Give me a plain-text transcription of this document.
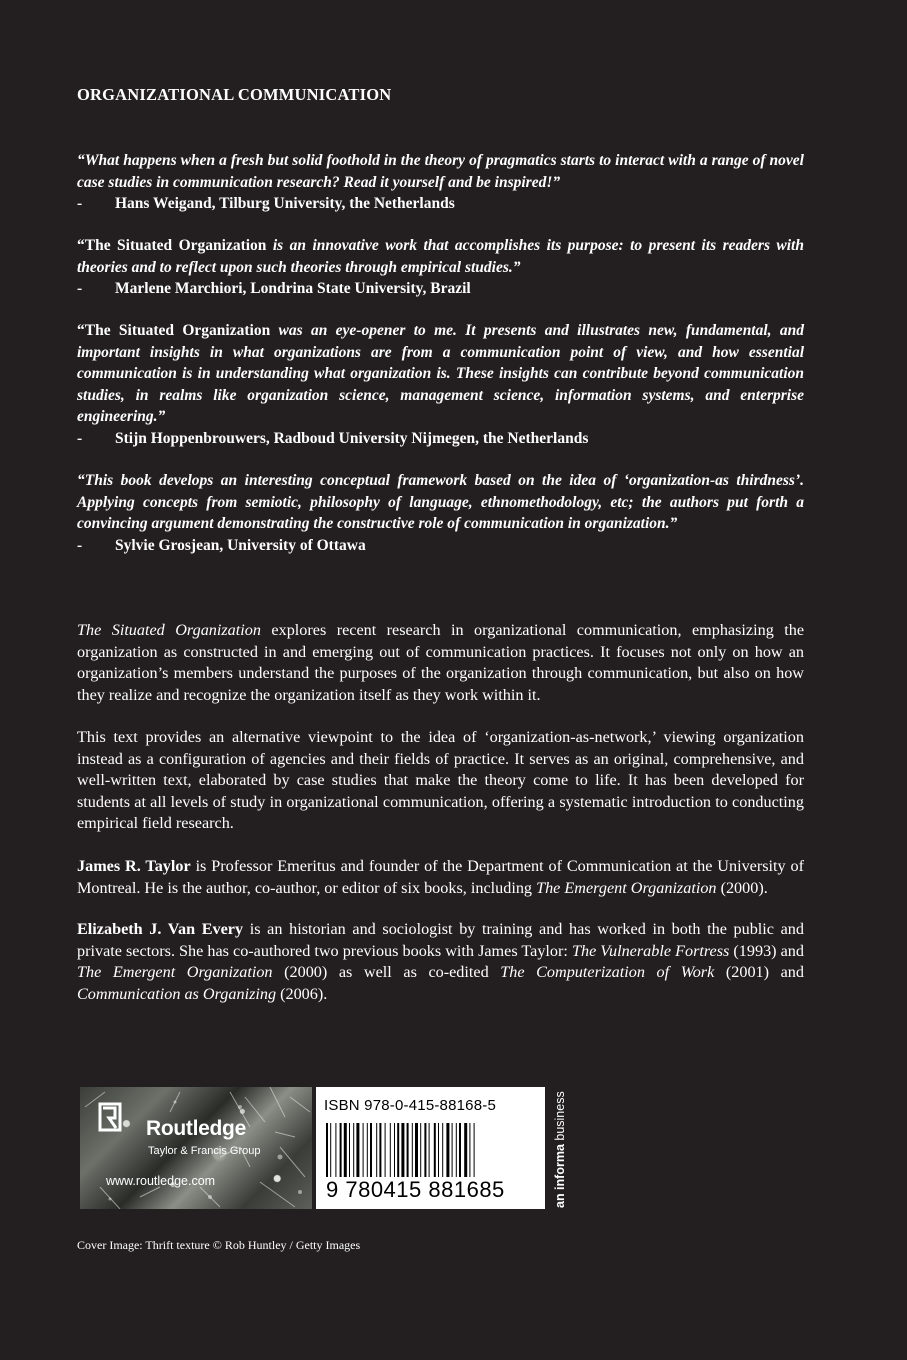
ORGANIZATIONAL COMMUNICATION
“What happens when a fresh but solid foothold in the theory of pragmatics starts to interact with a range of novel case studies in communication research? Read it yourself and be inspired!”
-	Hans Weigand, Tilburg University, the Netherlands
“The Situated Organization is an innovative work that accomplishes its purpose: to present its readers with theories and to reflect upon such theories through empirical studies.”
-	Marlene Marchiori, Londrina State University, Brazil
“The Situated Organization was an eye-opener to me. It presents and illustrates new, fundamental, and important insights in what organizations are from a communication point of view, and how essential communication is in understanding what organization is. These insights can contribute beyond communication studies, in realms like organization science, management science, information systems, and enterprise engineering.”
-	Stijn Hoppenbrouwers, Radboud University Nijmegen, the Netherlands
“This book develops an interesting conceptual framework based on the idea of ‘organization-as thirdness’. Applying concepts from semiotic, philosophy of language, ethnomethodology, etc; the authors put forth a convincing argument demonstrating the constructive role of communication in organization.”
-	Sylvie Grosjean, University of Ottawa

The Situated Organization explores recent research in organizational communication, emphasizing the organization as constructed in and emerging out of communication practices. It focuses not only on how an organization’s members understand the purposes of the organization through communication, but also on how they realize and recognize the organization itself as they work within it.

This text provides an alternative viewpoint to the idea of ‘organization-as-network,’ viewing organization instead as a configuration of agencies and their fields of practice. It serves as an original, comprehensive, and well-written text, elaborated by case studies that make the theory come to life. It has been developed for students at all levels of study in organizational communication, offering a systematic introduction to conducting empirical field research.

James R. Taylor is Professor Emeritus and founder of the Department of Communication at the University of Montreal. He is the author, co-author, or editor of six books, including The Emergent Organization (2000).

Elizabeth J. Van Every is an historian and sociologist by training and has worked in both the public and private sectors. She has co-authored two previous books with James Taylor: The Vulnerable Fortress (1993) and The Emergent Organization (2000) as well as co-edited The Computerization of Work (2001) and Communication as Organizing (2006).

Routledge
Taylor & Francis Group
www.routledge.com
ISBN 978-0-415-88168-5
9 780415 881685	an informa business
Cover Image: Thrift texture © Rob Huntley / Getty Images
